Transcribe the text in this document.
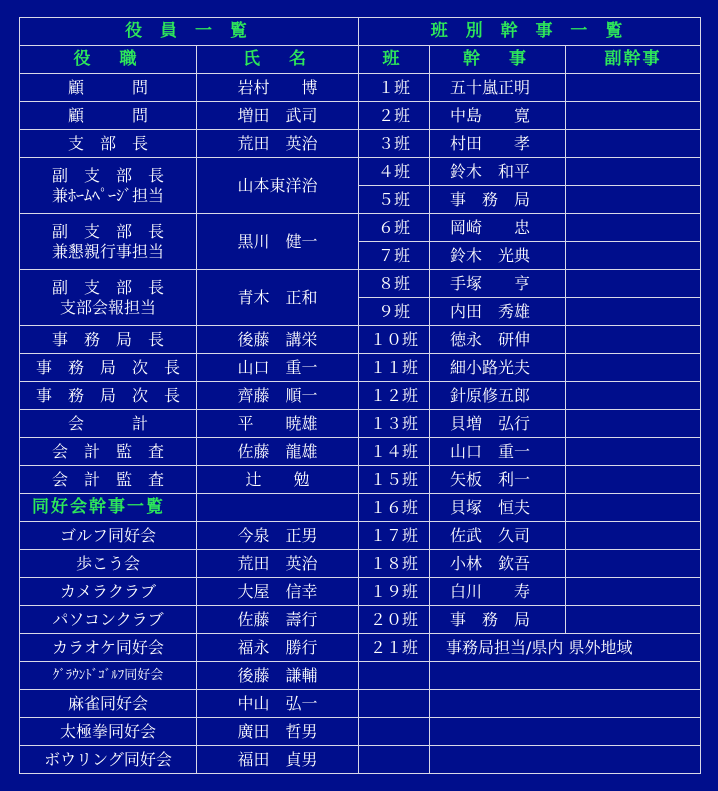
役 員 一 覧		班 別 幹 事 一 覧		
役　職	氏　名	班	幹　事	副幹事
顧　　　問	岩村　　博	１班	五十嵐正明	
顧　　　問	増田　武司	２班	中島　　寛	
支　部　長	荒田　英治	３班	村田　　孝	

副　支　部　長
兼ﾎｰﾑﾍﾟｰｼﾞ担当	山本東洋治	４班	鈴木　和平	
		５班	事　務　局	

副　支　部　長
兼懇親行事担当	黒川　健一	６班	岡崎　　忠	
		７班	鈴木　光典	

副　支　部　長
支部会報担当	青木　正和	８班	手塚　　亨	
		９班	内田　秀雄	
事　務　局　長	後藤　講栄	１０班	徳永　研伸	
事　務　局　次　長	山口　重一	１１班	細小路光夫	
事　務　局　次　長	齊藤　順一	１２班	針原修五郎	
会　　　計	平　　暁雄	１３班	貝増　弘行	
会　計　監　査	佐藤　龍雄	１４班	山口　重一	
会　計　監　査	辻　　勉	１５班	矢板　利一	
同好会幹事一覧		１６班	貝塚　恒夫	
ゴルフ同好会	今泉　正男	１７班	佐武　久司	
歩こう会	荒田　英治	１８班	小林　欽吾	
カメラクラブ	大屋　信幸	１９班	白川　　寿	
パソコンクラブ	佐藤　壽行	２０班	事　務　局	
カラオケ同好会	福永　勝行	２１班	事務局担当/県内 県外地域	
ｸﾞﾗｳﾝﾄﾞｺﾞﾙﾌ同好会	後藤　謙輔			
麻雀同好会	中山　弘一			
太極拳同好会	廣田　哲男			
ボウリング同好会	福田　貞男			
